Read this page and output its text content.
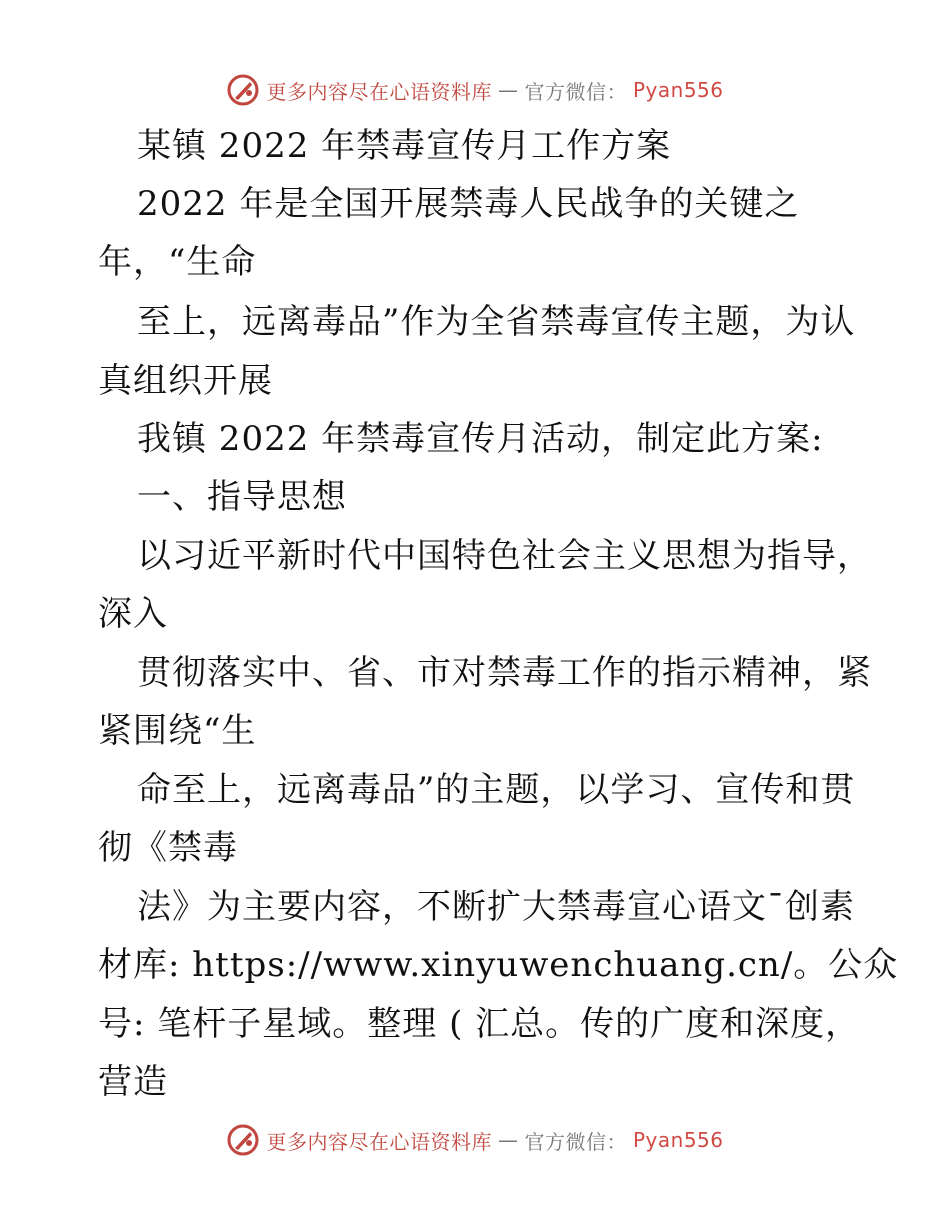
更多内容尽在心语资料库 — 官方微信： Pyan556
某镇 2022 年禁毒宣传月工作方案
2022 年是全国开展禁毒人民战争的关键之
年，“生命
至上，远离毒品”作为全省禁毒宣传主题，为认
真组织开展
我镇 2022 年禁毒宣传月活动，制定此方案:
一、指导思想
以习近平新时代中国特色社会主义思想为指导，
深入
贯彻落实中、省、市对禁毒工作的指示精神，紧
紧围绕“生
命至上，远离毒品”的主题，以学习、宣传和贯
彻《禁毒
法》为主要内容，不断扩大禁毒宣心语文¯创素
材库: https://www.xinyuwenchuang.cn/。公众
号: 笔杆子星域。整理 ( 汇总。传的广度和深度，
营造
更多内容尽在心语资料库 — 官方微信： Pyan556
